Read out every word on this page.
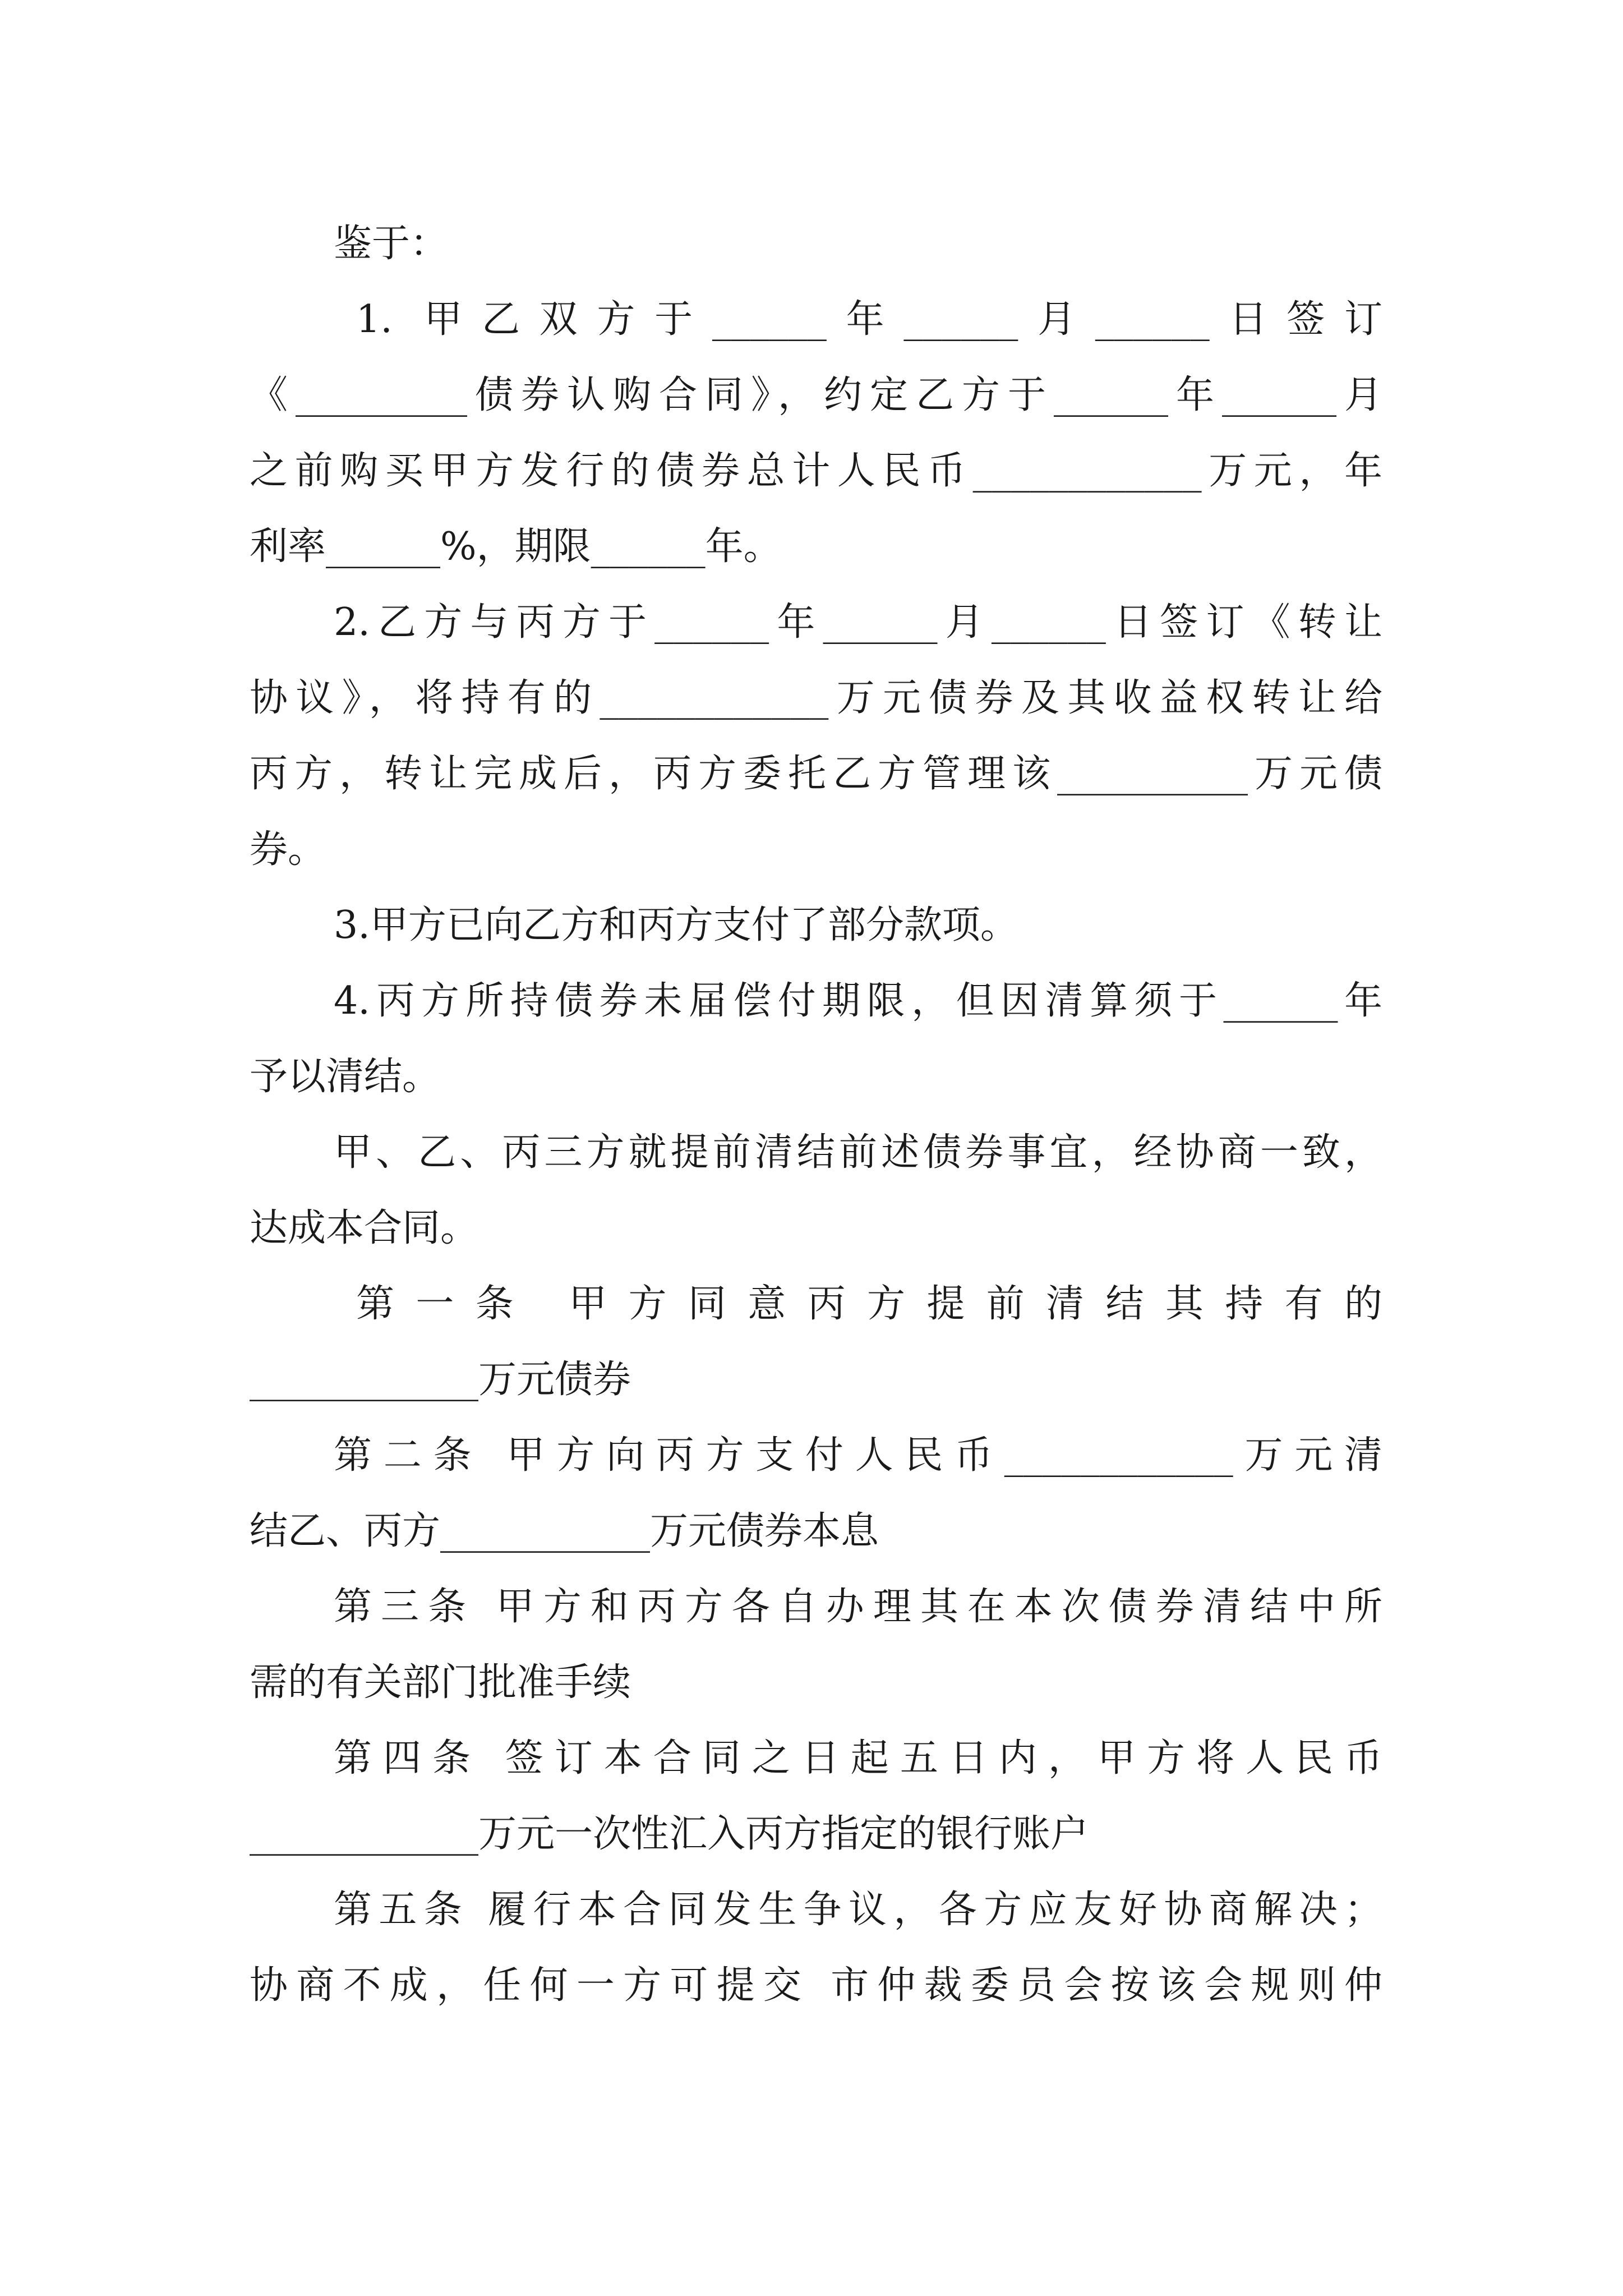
鉴于：
1. 甲乙双方于______年______月______日签订
《_________债券认购合同》，约定乙方于______年______月
之前购买甲方发行的债券总计人民币____________万元，年
利率______%，期限______年。
2.乙方与丙方于______年______月______日签订《转让
协议》，将持有的____________万元债券及其收益权转让给
丙方，转让完成后，丙方委托乙方管理该__________万元债
券。
3.甲方已向乙方和丙方支付了部分款项。
4.丙方所持债券未届偿付期限，但因清算须于______年
予以清结。
甲、乙、丙三方就提前清结前述债券事宜，经协商一致，
达成本合同。
第一条 甲方同意丙方提前清结其持有的
____________万元债券
第二条 甲方向丙方支付人民币____________万元清
结乙、丙方___________万元债券本息
第三条 甲方和丙方各自办理其在本次债券清结中所
需的有关部门批准手续
第四条 签订本合同之日起五日内，甲方将人民币
____________万元一次性汇入丙方指定的银行账户
第五条 履行本合同发生争议，各方应友好协商解决；
协商不成，任何一方可提交 市仲裁委员会按该会规则仲
